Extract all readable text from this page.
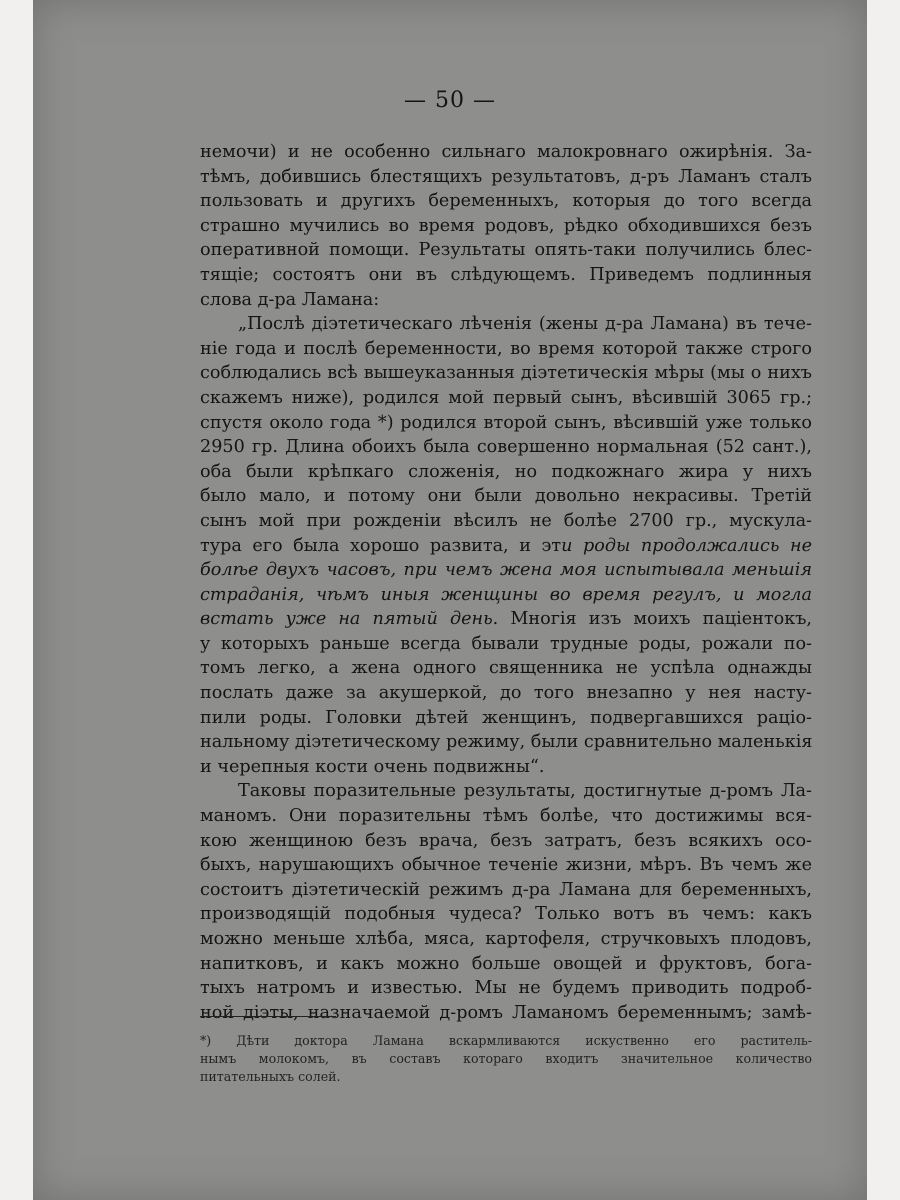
— 50 —
немочи) и не особенно сильнаго малокровнаго ожирѣнія. За-
тѣмъ, добившись блестящихъ результатовъ, д-ръ Ламанъ сталъ
пользовать и другихъ беременныхъ, которыя до того всегда
страшно мучились во время родовъ, рѣдко обходившихся безъ
оперативной помощи. Результаты опять-таки получились блес-
тящіе; состоятъ они въ слѣдующемъ. Приведемъ подлинныя
слова д-ра Ламана:
„Послѣ діэтетическаго лѣченія (жены д-ра Ламана) въ тече-
ніе года и послѣ беременности, во время которой также строго
соблюдались всѣ вышеуказанныя діэтетическія мѣры (мы о нихъ
скажемъ ниже), родился мой первый сынъ, вѣсившій 3065 гр.;
спустя около года *) родился второй сынъ, вѣсившій уже только
2950 гр. Длина обоихъ была совершенно нормальная (52 сант.),
оба были крѣпкаго сложенія, но подкожнаго жира у нихъ
было мало, и потому они были довольно некрасивы. Третій
сынъ мой при рожденіи вѣсилъ не болѣе 2700 гр., мускула-
тура его была хорошо развита, и эти роды продолжались не
болѣе двухъ часовъ, при чемъ жена моя испытывала меньшія
страданія, чѣмъ иныя женщины во время регулъ, и могла
встать уже на пятый день. Многія изъ моихъ паціентокъ,
у которыхъ раньше всегда бывали трудные роды, рожали по-
томъ легко, а жена одного священника не успѣла однажды
послать даже за акушеркой, до того внезапно у нея насту-
пили роды. Головки дѣтей женщинъ, подвергавшихся раціо-
нальному діэтетическому режиму, были сравнительно маленькія
и черепныя кости очень подвижны“.
Таковы поразительные результаты, достигнутые д-ромъ Ла-
маномъ. Они поразительны тѣмъ болѣе, что достижимы вся-
кою женщиною безъ врача, безъ затратъ, безъ всякихъ осо-
быхъ, нарушающихъ обычное теченіе жизни, мѣръ. Въ чемъ же
состоитъ діэтетическій режимъ д-ра Ламана для беременныхъ,
производящій подобныя чудеса? Только вотъ въ чемъ: какъ
можно меньше хлѣба, мяса, картофеля, стручковыхъ плодовъ,
напитковъ, и какъ можно больше овощей и фруктовъ, бога-
тыхъ натромъ и известью. Мы не будемъ приводить подроб-
ной діэты, назначаемой д-ромъ Ламаномъ беременнымъ; замѣ-
*) Дѣти доктора Ламана вскармливаются искуственно его раститель-
нымъ молокомъ, въ составъ котораго входитъ значительное количество
питательныхъ солей.
